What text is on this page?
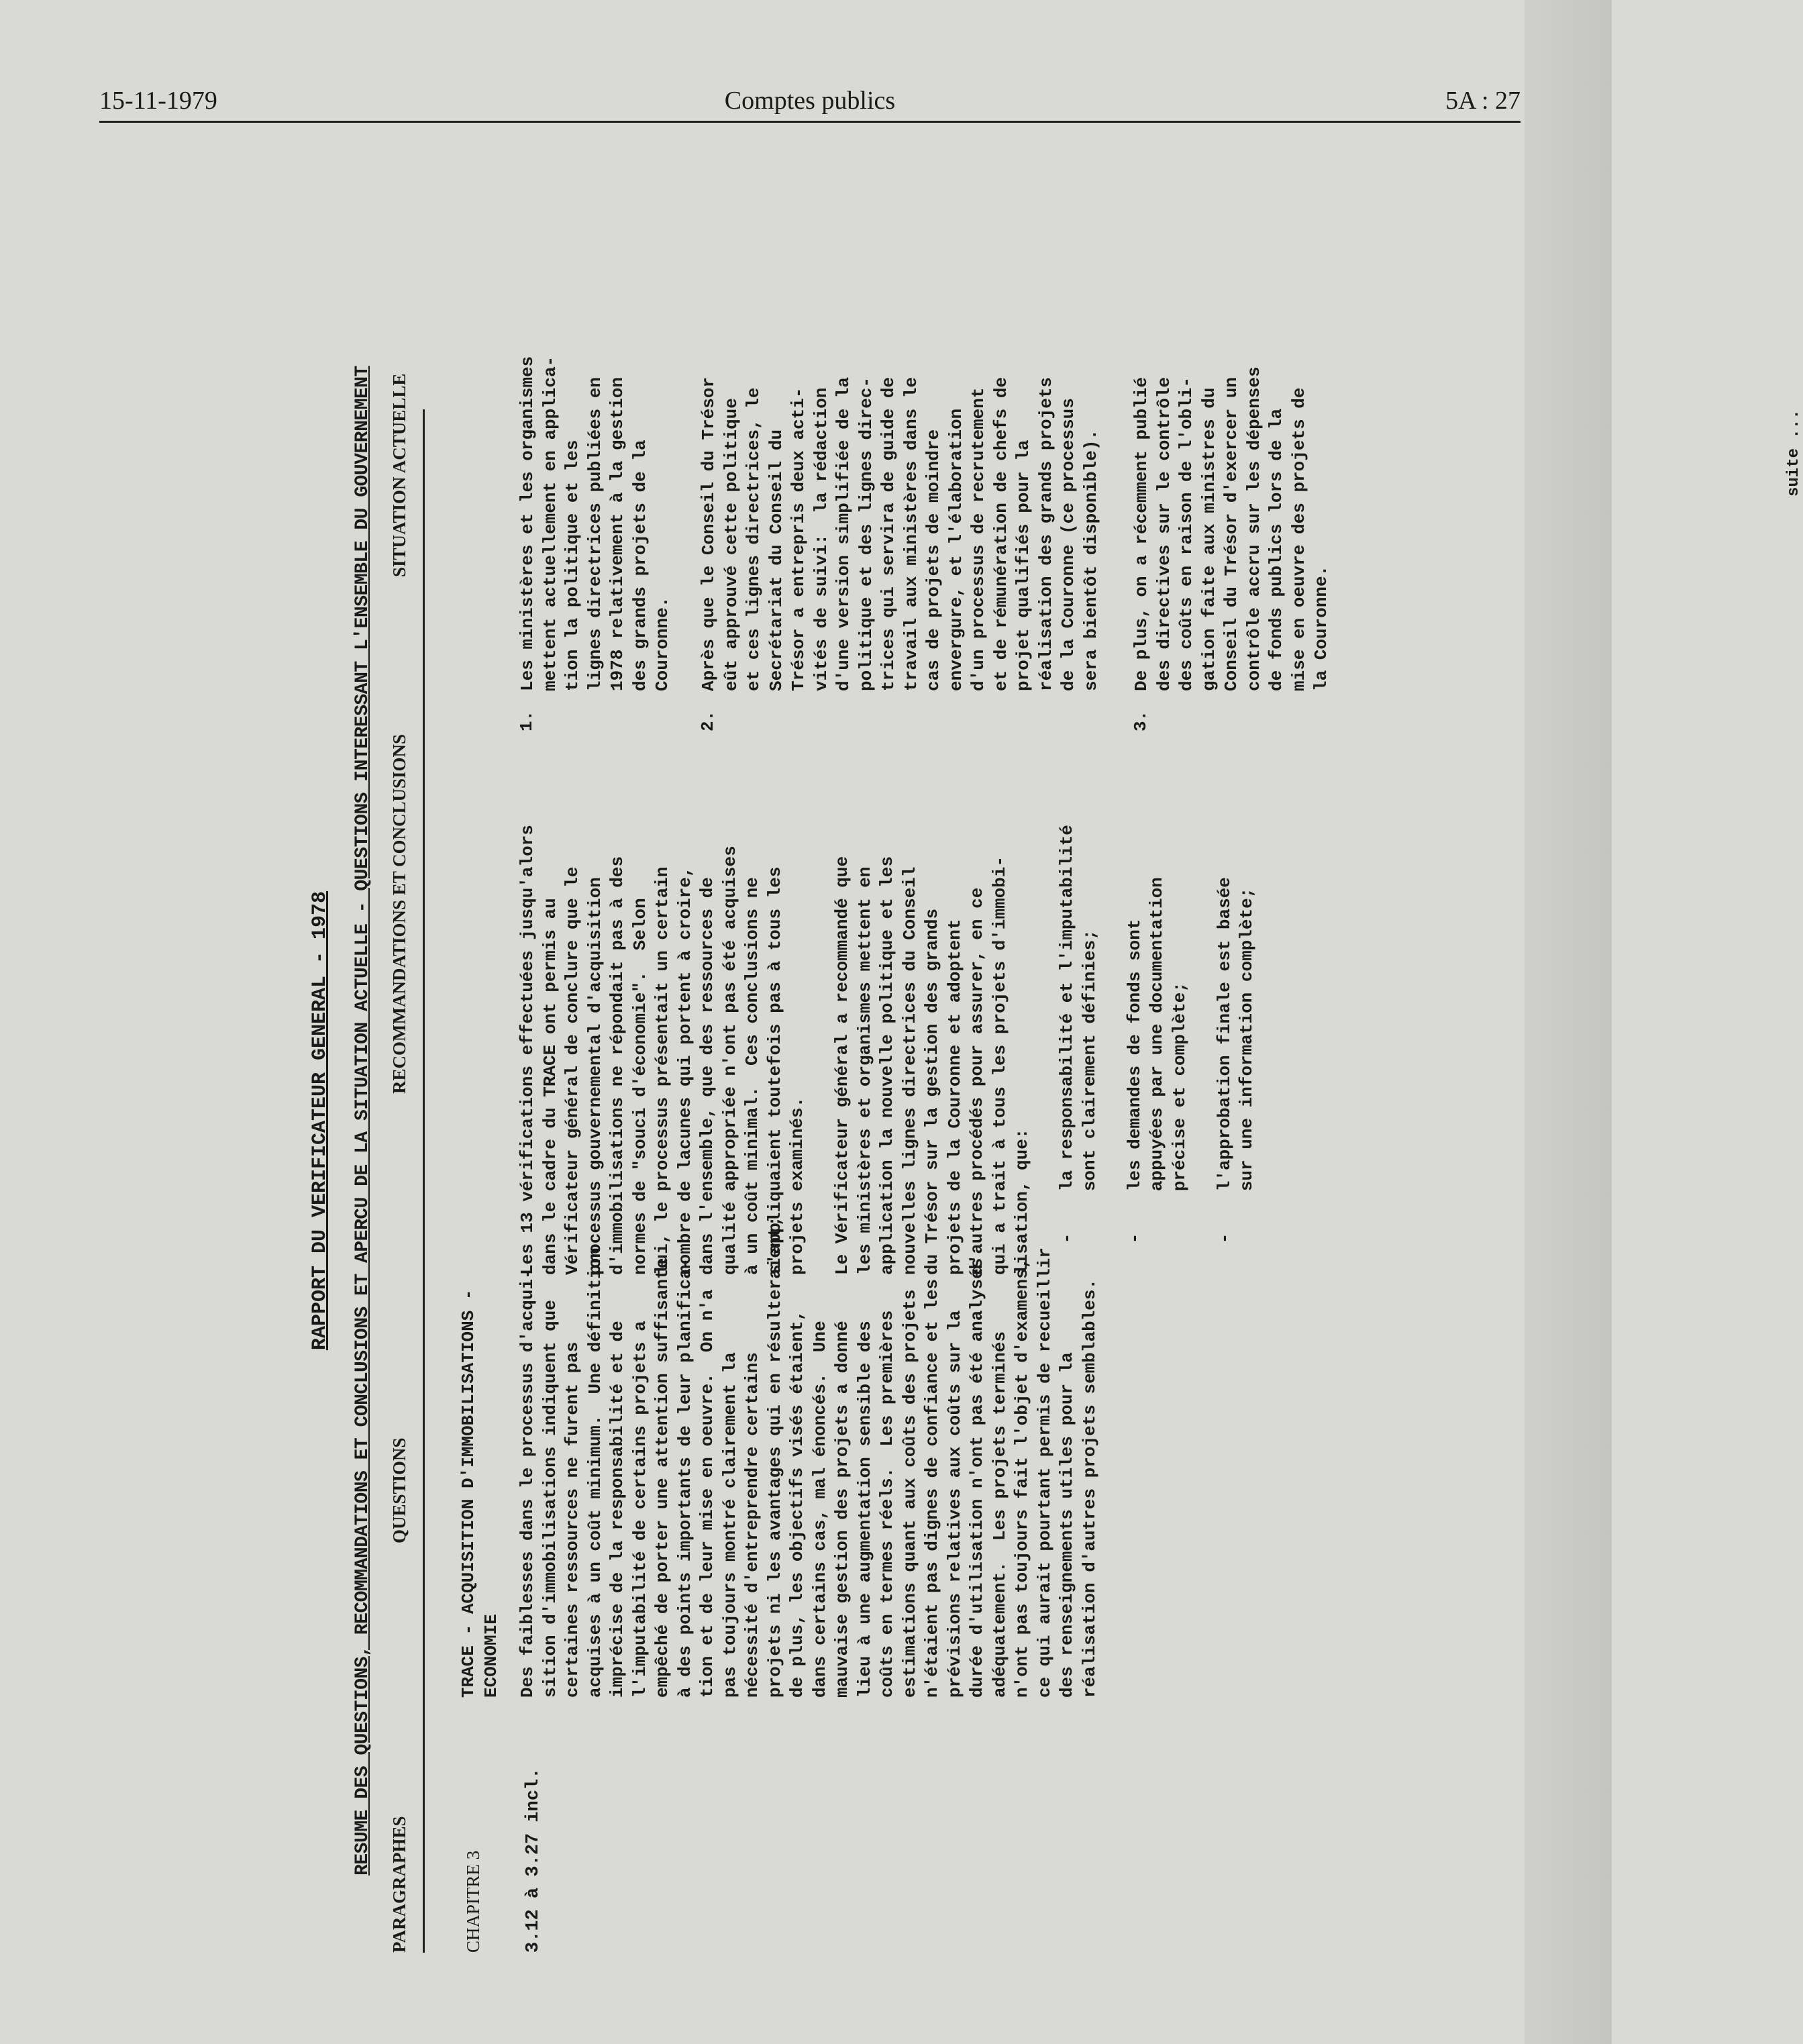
15-11-1979	Comptes publics	5A : 27
RAPPORT DU VERIFICATEUR GENERAL - 1978 RESUME DES QUESTIONS, RECOMMANDATIONS ET CONCLUSIONS ET APERCU DE LA SITUATION ACTUELLE - QUESTIONS INTERESSANT L'ENSEMBLE DU GOUVERNEMENT
PARAGRAPHES
QUESTIONS
RECOMMANDATIONS ET CONCLUSIONS
SITUATION ACTUELLE
CHAPITRE 3
TRACE - ACQUISITION D'IMMOBILISATIONS -
ECONOMIE
3.12 à 3.27 incl.
Des faiblesses dans le processus d'acqui-
sition d'immobilisations indiquent que
certaines ressources ne furent pas
acquises à un coût minimum.  Une définition
imprécise de la responsabilité et de
l'imputabilité de certains projets a
empêché de porter une attention suffisante
à des points importants de leur planifica-
tion et de leur mise en oeuvre.  On n'a
pas toujours montré clairement la
nécessité d'entreprendre certains
projets ni les avantages qui en résulteraient;
de plus, les objectifs visés étaient,
dans certains cas, mal énoncés.  Une
mauvaise gestion des projets a donné
lieu à une augmentation sensible des
coûts en termes réels.  Les premières
estimations quant aux coûts des projets
n'étaient pas dignes de confiance et les
prévisions relatives aux coûts sur la
durée d'utilisation n'ont pas été analysés
adéquatement.  Les projets terminés
n'ont pas toujours fait l'objet d'examens,
ce qui aurait pourtant permis de recueillir
des renseignements utiles pour la
réalisation d'autres projets semblables.
Les 13 vérifications effectuées jusqu'alors
dans le cadre du TRACE ont permis au
Vérificateur général de conclure que le
processus gouvernemental d'acquisition
d'immobilisations ne répondait pas à des
normes de "souci d'économie".  Selon
lui, le processus présentait un certain
nombre de lacunes qui portent à croire,
dans l'ensemble, que des ressources de
qualité appropriée n'ont pas été acquises
à un coût minimal.  Ces conclusions ne
s'appliquaient toutefois pas à tous les
projets examinés.

Le Vérificateur général a recommandé que
les ministères et organismes mettent en
application la nouvelle politique et les
nouvelles lignes directrices du Conseil
du Trésor sur la gestion des grands
projets de la Couronne et adoptent
d'autres procédés pour assurer, en ce
qui a trait à tous les projets d'immobi-
lisation, que:

-    la responsabilité et l'imputabilité
sont clairement définies;

-    les demandes de fonds sont
appuyées par une documentation
précise et complète;

-    l'approbation finale est basée
sur une information complète;
1.
Les ministères et les organismes
mettent actuellement en applica-
tion la politique et les
lignes directrices publiées en
1978 relativement à la gestion
des grands projets de la
Couronne.
2.
Après que le Conseil du Trésor
eût approuvé cette politique
et ces lignes directrices, le
Secrétariat du Conseil du
Trésor a entrepris deux acti-
vités de suivi:  la rédaction
d'une version simplifiée de la
politique et des lignes direc-
trices qui servira de guide de
travail aux ministères dans le
cas de projets de moindre
envergure, et l'élaboration
d'un processus de recrutement
et de rémunération de chefs de
projet qualifiés pour la
réalisation des grands projets
de la Couronne (ce processus
sera bientôt disponible).
3.
De plus, on a récemment publié
des directives sur le contrôle
des coûts en raison de l'obli-
gation faite aux ministres du
Conseil du Trésor d'exercer un
contrôle accru sur les dépenses
de fonds publics lors de la
mise en oeuvre des projets de
la Couronne.
suite ...
